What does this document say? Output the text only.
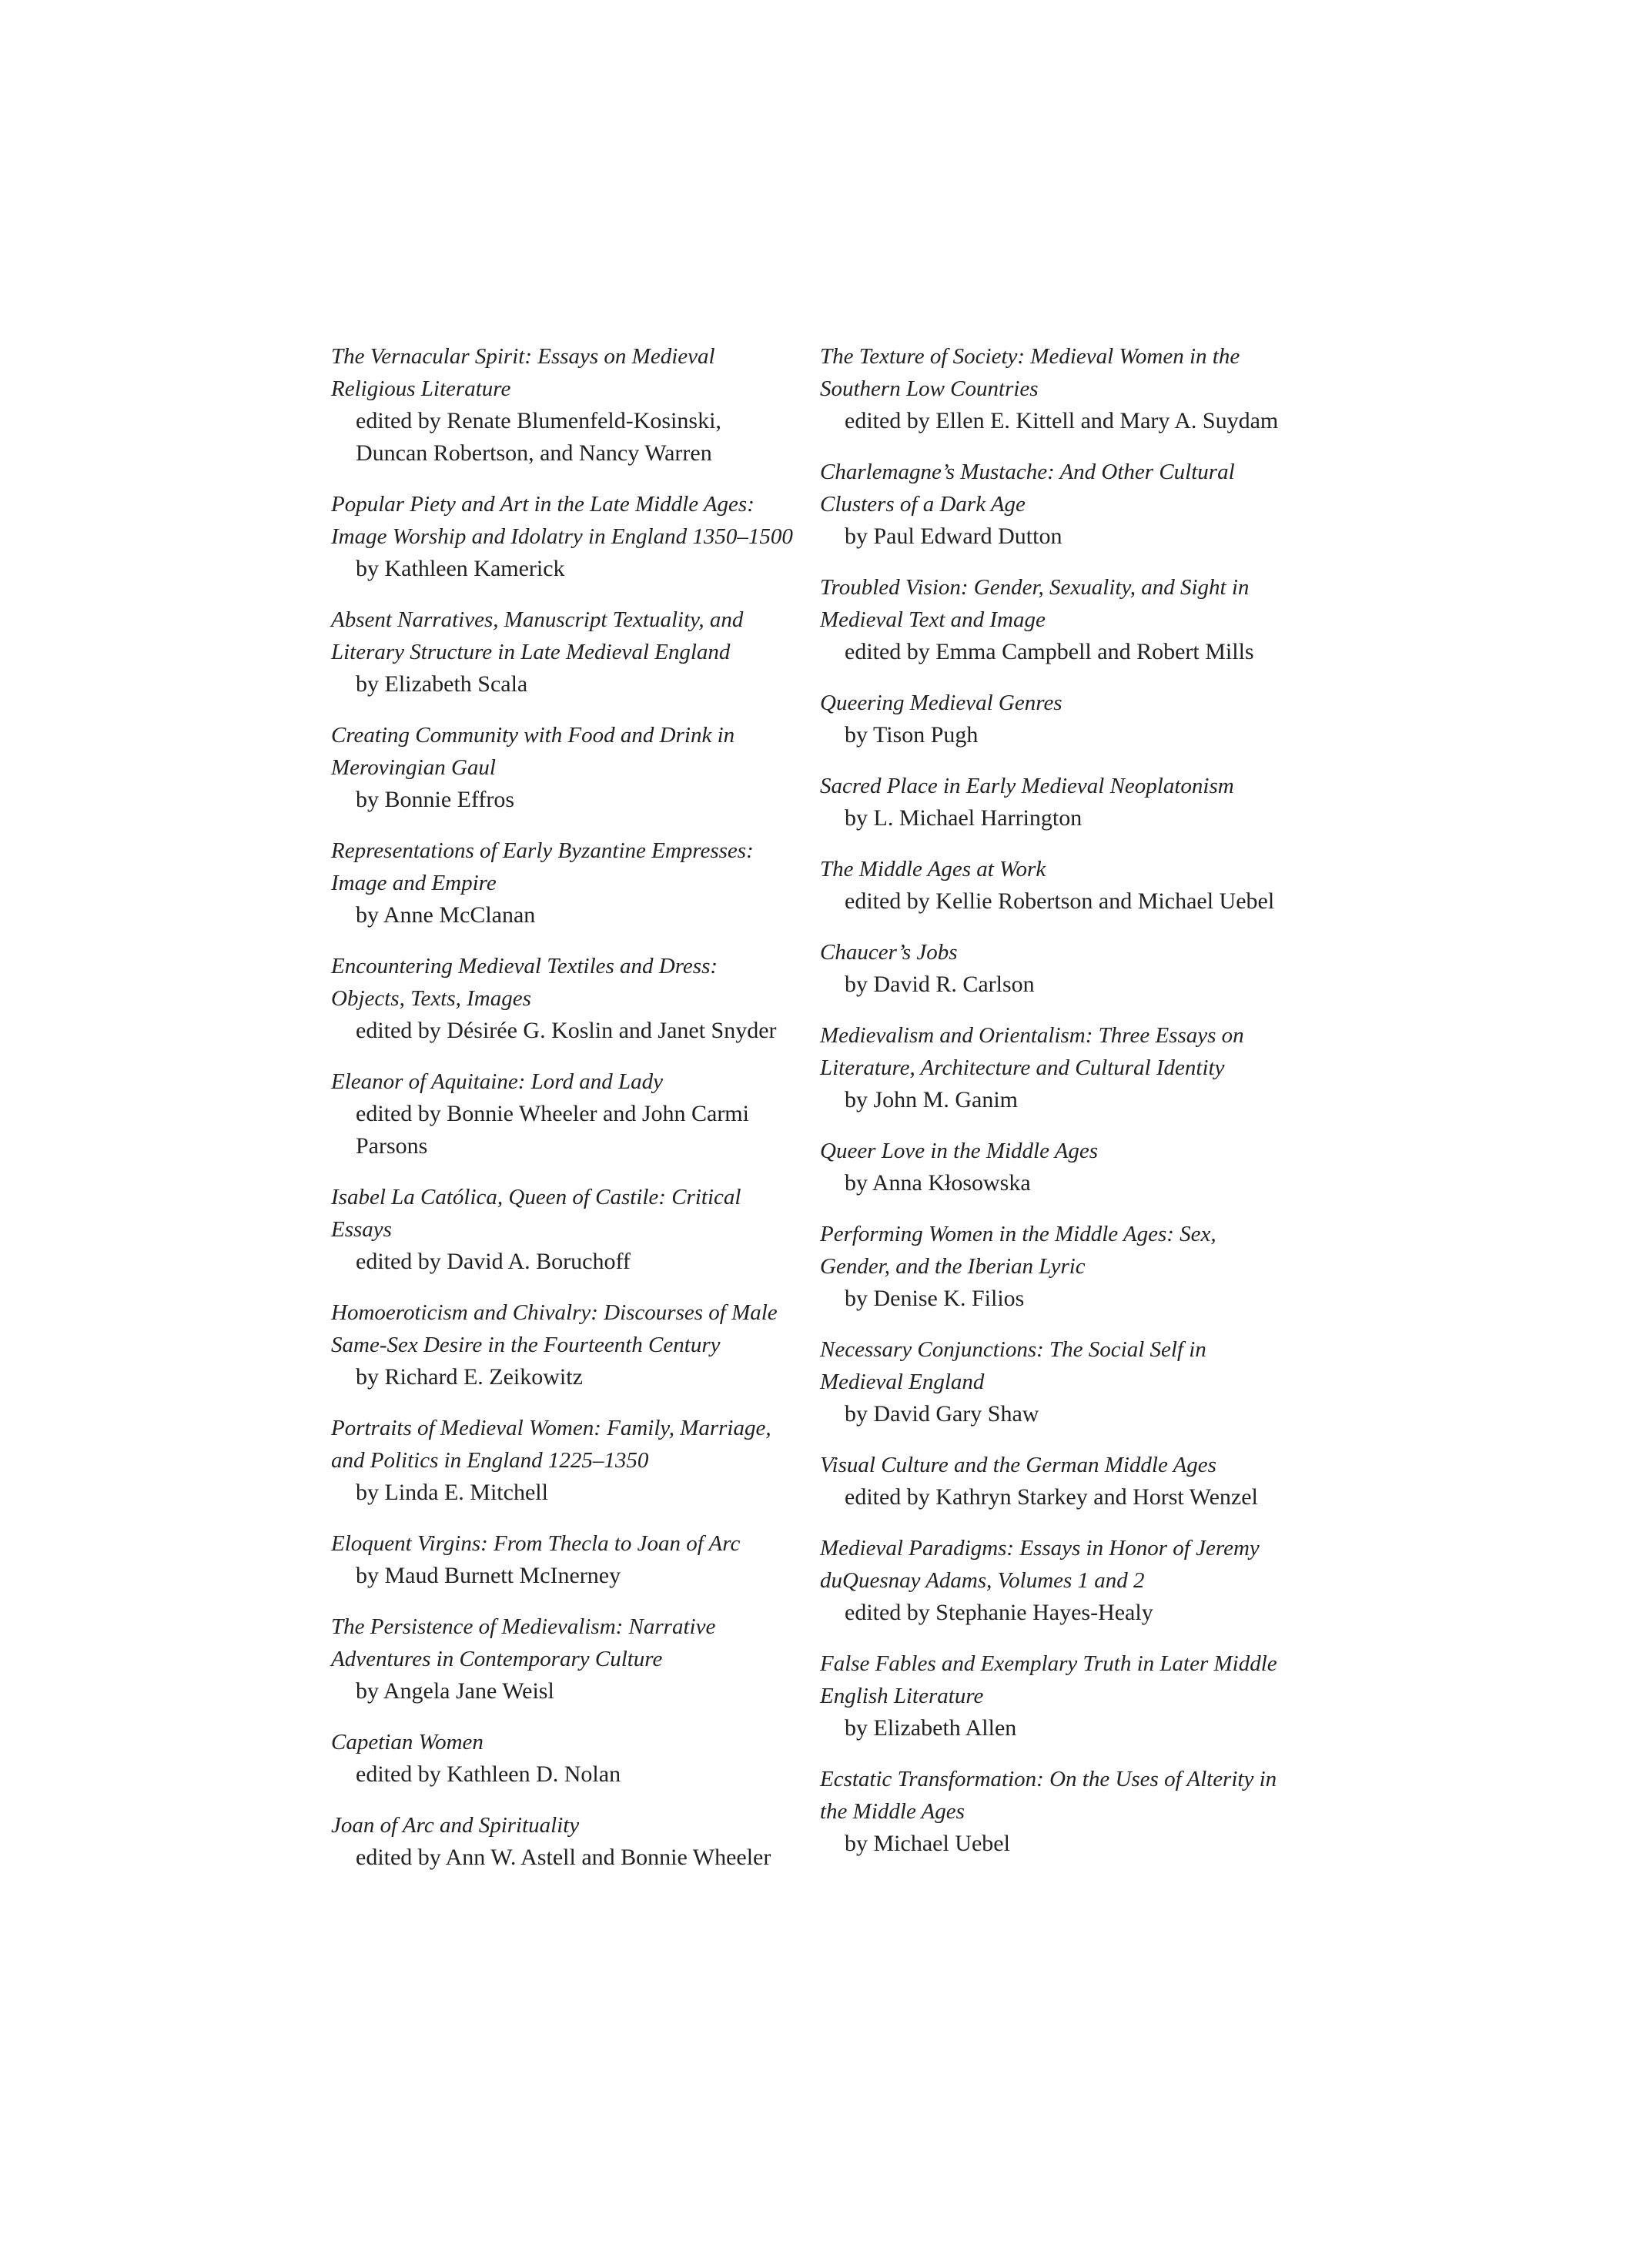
The Vernacular Spirit: Essays on Medieval Religious Literature
edited by Renate Blumenfeld-Kosinski, Duncan Robertson, and Nancy Warren
Popular Piety and Art in the Late Middle Ages: Image Worship and Idolatry in England 1350–1500
by Kathleen Kamerick
Absent Narratives, Manuscript Textuality, and Literary Structure in Late Medieval England
by Elizabeth Scala
Creating Community with Food and Drink in Merovingian Gaul
by Bonnie Effros
Representations of Early Byzantine Empresses: Image and Empire
by Anne McClanan
Encountering Medieval Textiles and Dress: Objects, Texts, Images
edited by Désirée G. Koslin and Janet Snyder
Eleanor of Aquitaine: Lord and Lady
edited by Bonnie Wheeler and John Carmi Parsons
Isabel La Católica, Queen of Castile: Critical Essays
edited by David A. Boruchoff
Homoeroticism and Chivalry: Discourses of Male Same-Sex Desire in the Fourteenth Century
by Richard E. Zeikowitz
Portraits of Medieval Women: Family, Marriage, and Politics in England 1225–1350
by Linda E. Mitchell
Eloquent Virgins: From Thecla to Joan of Arc
by Maud Burnett McInerney
The Persistence of Medievalism: Narrative Adventures in Contemporary Culture
by Angela Jane Weisl
Capetian Women
edited by Kathleen D. Nolan
Joan of Arc and Spirituality
edited by Ann W. Astell and Bonnie Wheeler
The Texture of Society: Medieval Women in the Southern Low Countries
edited by Ellen E. Kittell and Mary A. Suydam
Charlemagne’s Mustache: And Other Cultural Clusters of a Dark Age
by Paul Edward Dutton
Troubled Vision: Gender, Sexuality, and Sight in Medieval Text and Image
edited by Emma Campbell and Robert Mills
Queering Medieval Genres
by Tison Pugh
Sacred Place in Early Medieval Neoplatonism
by L. Michael Harrington
The Middle Ages at Work
edited by Kellie Robertson and Michael Uebel
Chaucer’s Jobs
by David R. Carlson
Medievalism and Orientalism: Three Essays on Literature, Architecture and Cultural Identity
by John M. Ganim
Queer Love in the Middle Ages
by Anna Kłosowska
Performing Women in the Middle Ages: Sex, Gender, and the Iberian Lyric
by Denise K. Filios
Necessary Conjunctions: The Social Self in Medieval England
by David Gary Shaw
Visual Culture and the German Middle Ages
edited by Kathryn Starkey and Horst Wenzel
Medieval Paradigms: Essays in Honor of Jeremy duQuesnay Adams, Volumes 1 and 2
edited by Stephanie Hayes-Healy
False Fables and Exemplary Truth in Later Middle English Literature
by Elizabeth Allen
Ecstatic Transformation: On the Uses of Alterity in the Middle Ages
by Michael Uebel
